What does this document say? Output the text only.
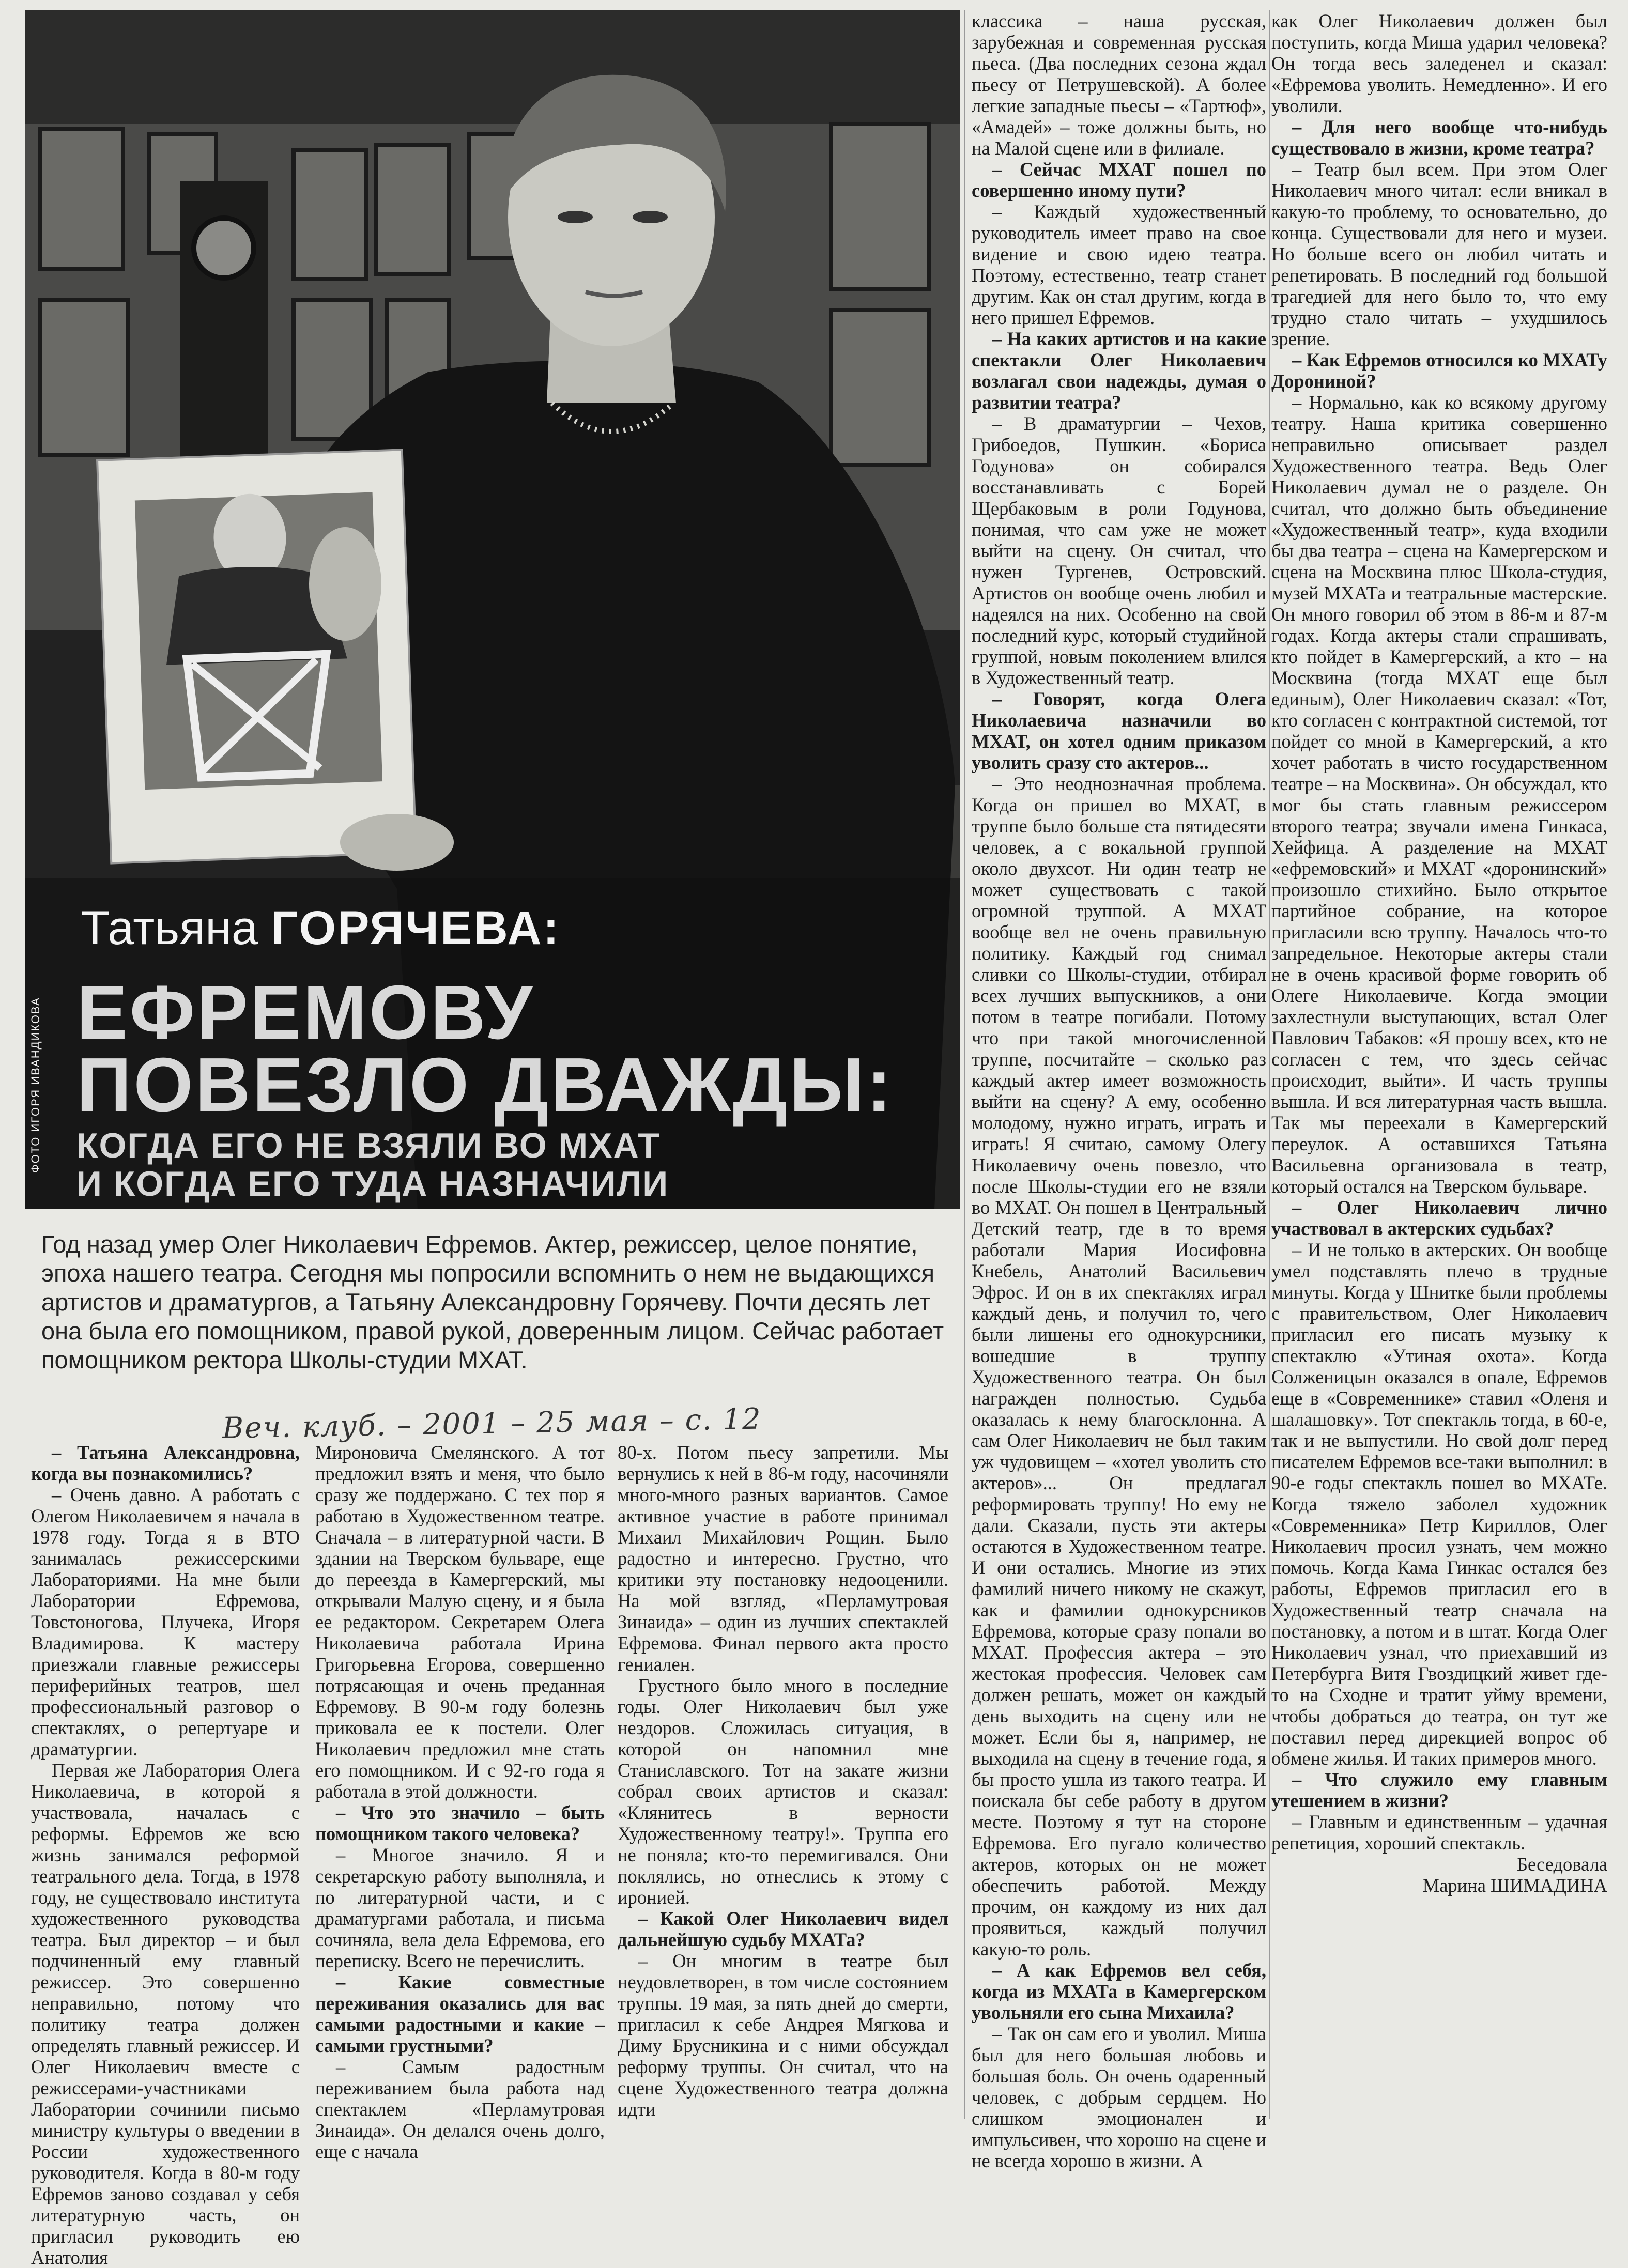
Татьяна ГОРЯЧЕВА:
ЕФРЕМОВУ
ПОВЕЗЛО ДВАЖДЫ:
КОГДА ЕГО НЕ ВЗЯЛИ ВО МХАТ
И КОГДА ЕГО ТУДА НАЗНАЧИЛИ
ФОТО ИГОРЯ ИВАНДИКОВА
Год назад умер Олег Николаевич Ефремов. Актер, режиссер, целое понятие, эпоха нашего театра. Сегодня мы попросили вспомнить о нем не выдающихся артистов и драматургов, а Татьяну Александровну Горячеву. Почти десять лет она была его помощником, правой рукой, доверенным лицом. Сейчас работает помощником ректора Школы-студии МХАТ.
Веч. клуб. – 2001 – 25 мая – с. 12

– Татьяна Александровна, когда вы познакомились?

– Очень давно. А работать с Олегом Николаевичем я начала в 1978 году. Тогда я в ВТО занималась режиссерскими Лабораториями. На мне были Лаборатории Ефремова, Товстоногова, Плучека, Игоря Владимирова. К мастеру приезжали главные режиссеры периферийных театров, шел профессиональный разговор о спектаклях, о репертуаре и драматургии.

Первая же Лаборатория Олега Николаевича, в которой я участвовала, началась с реформы. Ефремов же всю жизнь занимался реформой театрального дела. Тогда, в 1978 году, не существовало института художественного руководства театра. Был директор – и был подчиненный ему главный режиссер. Это совершенно неправильно, потому что политику театра должен определять главный режиссер. И Олег Николаевич вместе с режиссерами-участниками Лаборатории сочинили письмо министру культуры о введении в России художественного руководителя. Когда в 80-м году Ефремов заново создавал у себя литературную часть, он пригласил руководить ею Анатолия

Мироновича Смелянского. А тот предложил взять и меня, что было сразу же поддержано. С тех пор я работаю в Художественном театре. Сначала – в литературной части. В здании на Тверском бульваре, еще до переезда в Камергерский, мы открывали Малую сцену, и я была ее редактором. Секретарем Олега Николаевича работала Ирина Григорьевна Егорова, совершенно потрясающая и очень преданная Ефремову. В 90-м году болезнь приковала ее к постели. Олег Николаевич предложил мне стать его помощником. И с 92-го года я работала в этой должности.

– Что это значило – быть помощником такого человека?

– Многое значило. Я и секретарскую работу выполняла, и по литературной части, и с драматургами работала, и письма сочиняла, вела дела Ефремова, его переписку. Всего не перечислить.

– Какие совместные переживания оказались для вас самыми радостными и какие – самыми грустными?

– Самым радостным переживанием была работа над спектаклем «Перламутровая Зинаида». Он делался очень долго, еще с начала

80-х. Потом пьесу запретили. Мы вернулись к ней в 86-м году, насочиняли много-много разных вариантов. Самое активное участие в работе принимал Михаил Михайлович Рощин. Было радостно и интересно. Грустно, что критики эту постановку недооценили. На мой взгляд, «Перламутровая Зинаида» – один из лучших спектаклей Ефремова. Финал первого акта просто гениален.

Грустного было много в последние годы. Олег Николаевич был уже нездоров. Сложилась ситуация, в которой он напомнил мне Станиславского. Тот на закате жизни собрал своих артистов и сказал: «Клянитесь в верности Художественному театру!». Труппа его не поняла; кто-то перемигивался. Они поклялись, но отнеслись к этому с иронией.

– Какой Олег Николаевич видел дальнейшую судьбу МХАТа?

– Он многим в театре был неудовлетворен, в том числе состоянием труппы. 19 мая, за пять дней до смерти, пригласил к себе Андрея Мягкова и Диму Брусникина и с ними обсуждал реформу труппы. Он считал, что на сцене Художественного театра должна идти

классика – наша русская, зарубежная и современная русская пьеса. (Два последних сезона ждал пьесу от Петрушевской). А более легкие западные пьесы – «Тартюф», «Амадей» – тоже должны быть, но на Малой сцене или в филиале.

– Сейчас МХАТ пошел по совершенно иному пути?

– Каждый художественный руководитель имеет право на свое видение и свою идею театра. Поэтому, естественно, театр станет другим. Как он стал другим, когда в него пришел Ефремов.

– На каких артистов и на какие спектакли Олег Николаевич возлагал свои надежды, думая о развитии театра?

– В драматургии – Чехов, Грибоедов, Пушкин. «Бориса Годунова» он собирался восстанавливать с Борей Щербаковым в роли Годунова, понимая, что сам уже не может выйти на сцену. Он считал, что нужен Тургенев, Островский. Артистов он вообще очень любил и надеялся на них. Особенно на свой последний курс, который студийной группой, новым поколением влился в Художественный театр.

– Говорят, когда Олега Николаевича назначили во МХАТ, он хотел одним приказом уволить сразу сто актеров...

– Это неоднозначная проблема. Когда он пришел во МХАТ, в труппе было больше ста пятидесяти человек, а с вокальной группой около двухсот. Ни один театр не может существовать с такой огромной труппой. А МХАТ вообще вел не очень правильную политику. Каждый год снимал сливки со Школы-студии, отбирал всех лучших выпускников, а они потом в театре погибали. Потому что при такой многочисленной труппе, посчитайте – сколько раз каждый актер имеет возможность выйти на сцену? А ему, особенно молодому, нужно играть, играть и играть! Я считаю, самому Олегу Николаевичу очень повезло, что после Школы-студии его не взяли во МХАТ. Он пошел в Центральный Детский театр, где в то время работали Мария Иосифовна Кнебель, Анатолий Васильевич Эфрос. И он в их спектаклях играл каждый день, и получил то, чего были лишены его однокурсники, вошедшие в труппу Художественного театра. Он был награжден полностью. Судьба оказалась к нему благосклонна. А сам Олег Николаевич не был таким уж чудовищем – «хотел уволить сто актеров»... Он предлагал реформировать труппу! Но ему не дали. Сказали, пусть эти актеры остаются в Художественном театре. И они остались. Многие из этих фамилий ничего никому не скажут, как и фамилии однокурсников Ефремова, которые сразу попали во МХАТ. Профессия актера – это жестокая профессия. Человек сам должен решать, может он каждый день выходить на сцену или не может. Если бы я, например, не выходила на сцену в течение года, я бы просто ушла из такого театра. И поискала бы себе работу в другом месте. Поэтому я тут на стороне Ефремова. Его пугало количество актеров, которых он не может обеспечить работой. Между прочим, он каждому из них дал проявиться, каждый получил какую-то роль.

– А как Ефремов вел себя, когда из МХАТа в Камергерском увольняли его сына Михаила?

– Так он сам его и уволил. Миша был для него большая любовь и большая боль. Он очень одаренный человек, с добрым сердцем. Но слишком эмоционален и импульсивен, что хорошо на сцене и не всегда хорошо в жизни. А

как Олег Николаевич должен был поступить, когда Миша ударил человека? Он тогда весь заледенел и сказал: «Ефремова уволить. Немедленно». И его уволили.

– Для него вообще что-нибудь существовало в жизни, кроме театра?

– Театр был всем. При этом Олег Николаевич много читал: если вникал в какую-то проблему, то основательно, до конца. Существовали для него и музеи. Но больше всего он любил читать и репетировать. В последний год большой трагедией для него было то, что ему трудно стало читать – ухудшилось зрение.

– Как Ефремов относился ко МХАТу Дорониной?

– Нормально, как ко всякому другому театру. Наша критика совершенно неправильно описывает раздел Художественного театра. Ведь Олег Николаевич думал не о разделе. Он считал, что должно быть объединение «Художественный театр», куда входили бы два театра – сцена на Камергерском и сцена на Москвина плюс Школа-студия, музей МХАТа и театральные мастерские. Он много говорил об этом в 86-м и 87-м годах. Когда актеры стали спрашивать, кто пойдет в Камергерский, а кто – на Москвина (тогда МХАТ еще был единым), Олег Николаевич сказал: «Тот, кто согласен с контрактной системой, тот пойдет со мной в Камергерский, а кто хочет работать в чисто государственном театре – на Москвина». Он обсуждал, кто мог бы стать главным режиссером второго театра; звучали имена Гинкаса, Хейфица. А разделение на МХАТ «ефремовский» и МХАТ «доронинский» произошло стихийно. Было открытое партийное собрание, на которое пригласили всю труппу. Началось что-то запредельное. Некоторые актеры стали не в очень красивой форме говорить об Олеге Николаевиче. Когда эмоции захлестнули выступающих, встал Олег Павлович Табаков: «Я прошу всех, кто не согласен с тем, что здесь сейчас происходит, выйти». И часть труппы вышла. И вся литературная часть вышла. Так мы переехали в Камергерский переулок. А оставшихся Татьяна Васильевна организовала в театр, который остался на Тверском бульваре.

– Олег Николаевич лично участвовал в актерских судьбах?

– И не только в актерских. Он вообще умел подставлять плечо в трудные минуты. Когда у Шнитке были проблемы с правительством, Олег Николаевич пригласил его писать музыку к спектаклю «Утиная охота». Когда Солженицын оказался в опале, Ефремов еще в «Современнике» ставил «Оленя и шалашовку». Тот спектакль тогда, в 60-е, так и не выпустили. Но свой долг перед писателем Ефремов все-таки выполнил: в 90-е годы спектакль пошел во МХАТе. Когда тяжело заболел художник «Современника» Петр Кириллов, Олег Николаевич просил узнать, чем можно помочь. Когда Кама Гинкас остался без работы, Ефремов пригласил его в Художественный театр сначала на постановку, а потом и в штат. Когда Олег Николаевич узнал, что приехавший из Петербурга Витя Гвоздицкий живет где-то на Сходне и тратит уйму времени, чтобы добраться до театра, он тут же поставил перед дирекцией вопрос об обмене жилья. И таких примеров много.

– Что служило ему главным утешением в жизни?

– Главным и единственным – удачная репетиция, хороший спектакль.

Беседовала

Марина ШИМАДИНА
